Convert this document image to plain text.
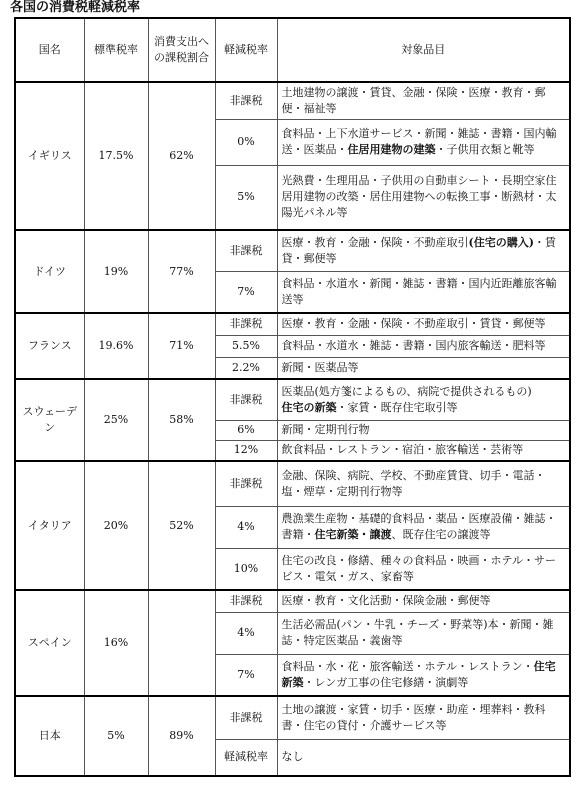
各国の消費税軽減税率
国名	標準税率	消費支出への課税割合	軽減税率	対象品目
イギリス	17.5%	62%	非課税	土地建物の譲渡・賃貸、金融・保険・医療・教育・郵便・福祉等
			0%	食料品・上下水道サービス・新聞・雑誌・書籍・国内輸送・医薬品・住居用建物の建築・子供用衣類と靴等
			5%	光熱費・生理用品・子供用の自動車シート・長期空家住居用建物の改築・居住用建物への転換工事・断熱材・太陽光パネル等
ドイツ	19%	77%	非課税	医療・教育・金融・保険・不動産取引(住宅の購入)・賃貸・郵便等
			7%	食料品・水道水・新聞・雑誌・書籍・国内近距離旅客輸送等
フランス	19.6%	71%	非課税	医療・教育・金融・保険・不動産取引・賃貸・郵便等
			5.5%	食料品・水道水・雑誌・書籍・国内旅客輸送・肥料等
			2.2%	新聞・医薬品等
スウェーデン	25%	58%	非課税	医薬品(処方箋によるもの、病院で提供されるもの)
住宅の新築・家賃・既存住宅取引等
			6%	新聞・定期刊行物
			12%	飲食料品・レストラン・宿泊・旅客輸送・芸術等
イタリア	20%	52%	非課税	金融、保険、病院、学校、不動産賃貸、切手・電話・塩・煙草・定期刊行物等
			4%	農漁業生産物・基礎的食料品・薬品・医療設備・雑誌・書籍・住宅新築・譲渡、既存住宅の譲渡等
			10%	住宅の改良・修繕、種々の食料品・映画・ホテル・サービス・電気・ガス、家畜等
スペイン	16%		非課税	医療・教育・文化活動・保険金融・郵便等
			4%	生活必需品(パン・牛乳・チーズ・野菜等)本・新聞・雑誌・特定医薬品・義歯等
			7%	食料品・水・花・旅客輸送・ホテル・レストラン・住宅新築・レンガ工事の住宅修繕・演劇等
日本	5%	89%	非課税	土地の譲渡・家賃・切手・医療・助産・埋葬料・教科書・住宅の貸付・介護サービス等
			軽減税率	なし
